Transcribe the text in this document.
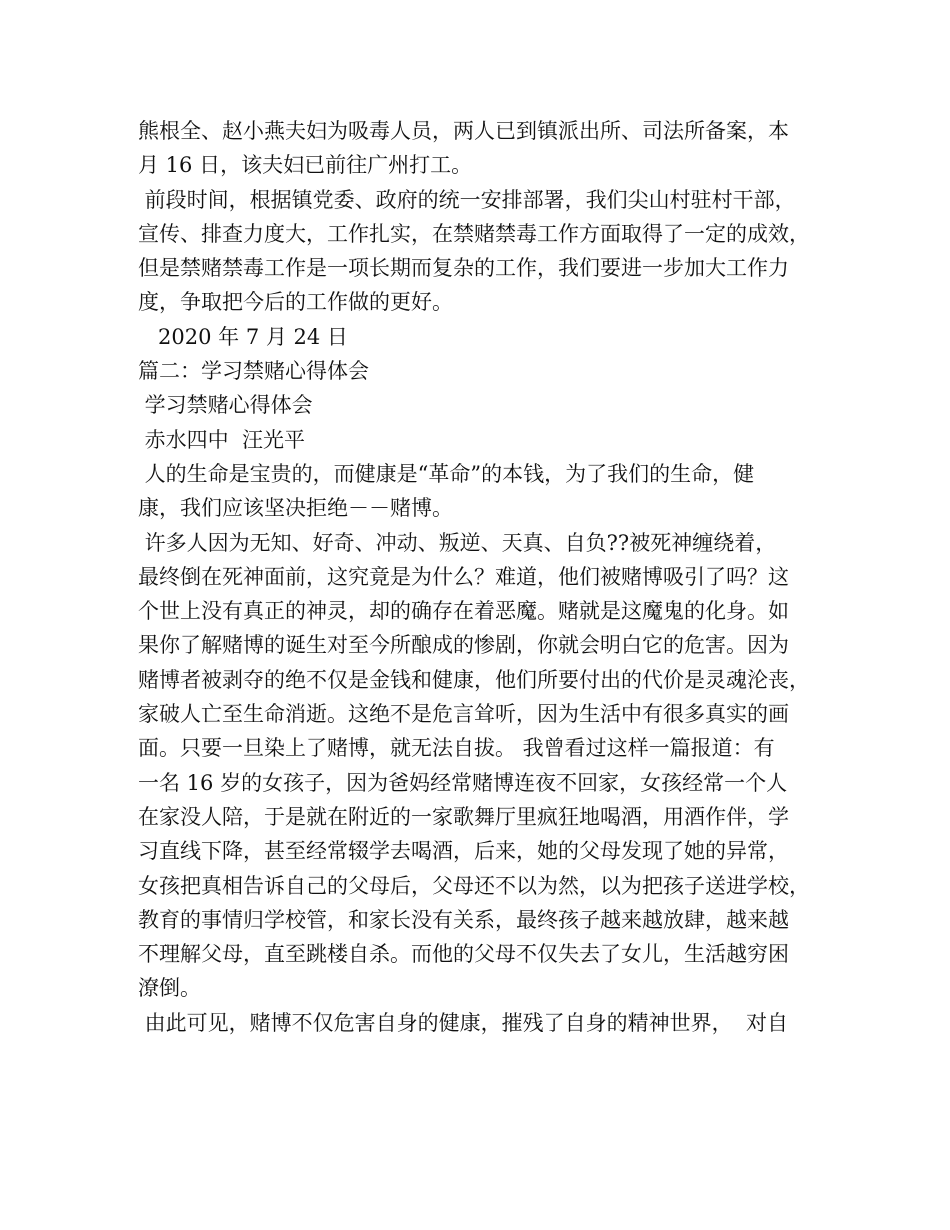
熊根全、赵小燕夫妇为吸毒人员，两人已到镇派出所、司法所备案，本
月 16 日，该夫妇已前往广州打工。
前段时间，根据镇党委、政府的统一安排部署，我们尖山村驻村干部，
宣传、排查力度大，工作扎实，在禁赌禁毒工作方面取得了一定的成效，
但是禁赌禁毒工作是一项长期而复杂的工作，我们要进一步加大工作力
度，争取把今后的工作做的更好。
2020 年 7 月 24 日
篇二：学习禁赌心得体会
学习禁赌心得体会
赤水四中  汪光平
人的生命是宝贵的，而健康是“革命”的本钱，为了我们的生命，健
康，我们应该坚决拒绝－－赌博。
许多人因为无知、好奇、冲动、叛逆、天真、自负??被死神缠绕着，
最终倒在死神面前，这究竟是为什么？难道，他们被赌博吸引了吗？这
个世上没有真正的神灵，却的确存在着恶魔。赌就是这魔鬼的化身。如
果你了解赌博的诞生对至今所酿成的惨剧，你就会明白它的危害。因为
赌博者被剥夺的绝不仅是金钱和健康，他们所要付出的代价是灵魂沦丧，
家破人亡至生命消逝。这绝不是危言耸听，因为生活中有很多真实的画
面。只要一旦染上了赌博，就无法自拔。 我曾看过这样一篇报道：有
一名 16 岁的女孩子，因为爸妈经常赌博连夜不回家，女孩经常一个人
在家没人陪，于是就在附近的一家歌舞厅里疯狂地喝酒，用酒作伴，学
习直线下降，甚至经常辍学去喝酒，后来，她的父母发现了她的异常，
女孩把真相告诉自己的父母后，父母还不以为然，以为把孩子送进学校，
教育的事情归学校管，和家长没有关系，最终孩子越来越放肆，越来越
不理解父母，直至跳楼自杀。而他的父母不仅失去了女儿，生活越穷困
潦倒。
由此可见，赌博不仅危害自身的健康，摧残了自身的精神世界，  对自
